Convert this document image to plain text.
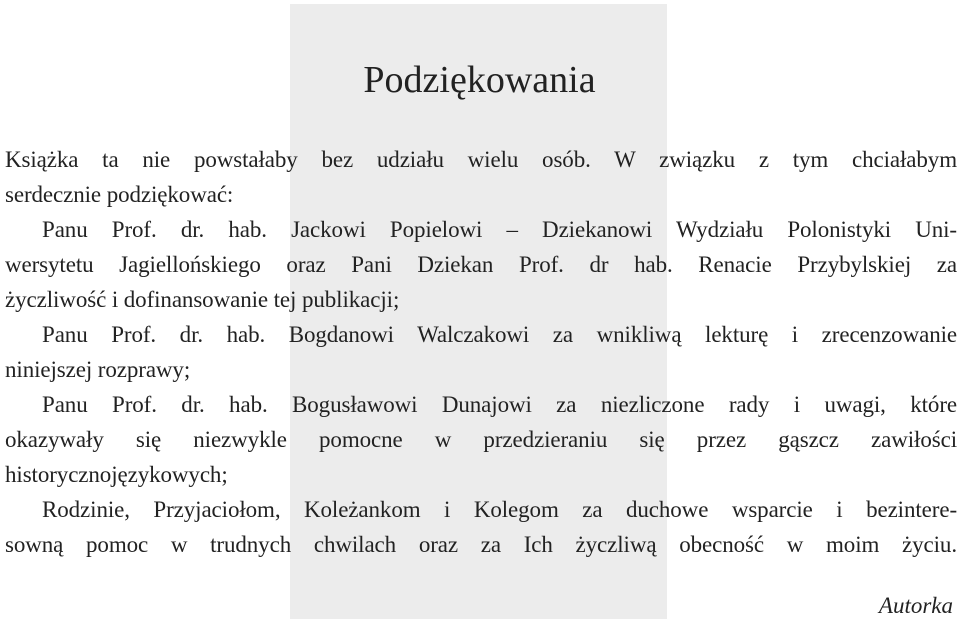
Podziękowania
Książka ta nie powstałaby bez udziału wielu osób. W związku z tym chciałabym
serdecznie podziękować:
Panu Prof. dr. hab. Jackowi Popielowi – Dziekanowi Wydziału Polonistyki Uni-
wersytetu Jagiellońskiego oraz Pani Dziekan Prof. dr hab. Renacie Przybylskiej za
życzliwość i dofinansowanie tej publikacji;
Panu Prof. dr. hab. Bogdanowi Walczakowi za wnikliwą lekturę i zrecenzowanie
niniejszej rozprawy;
Panu Prof. dr. hab. Bogusławowi Dunajowi za niezliczone rady i uwagi, które
okazywały się niezwykle pomocne w przedzieraniu się przez gąszcz zawiłości
historycznojęzykowych;
Rodzinie, Przyjaciołom, Koleżankom i Kolegom za duchowe wsparcie i bezintere-
sowną pomoc w trudnych chwilach oraz za Ich życzliwą obecność w moim życiu.
Autorka
